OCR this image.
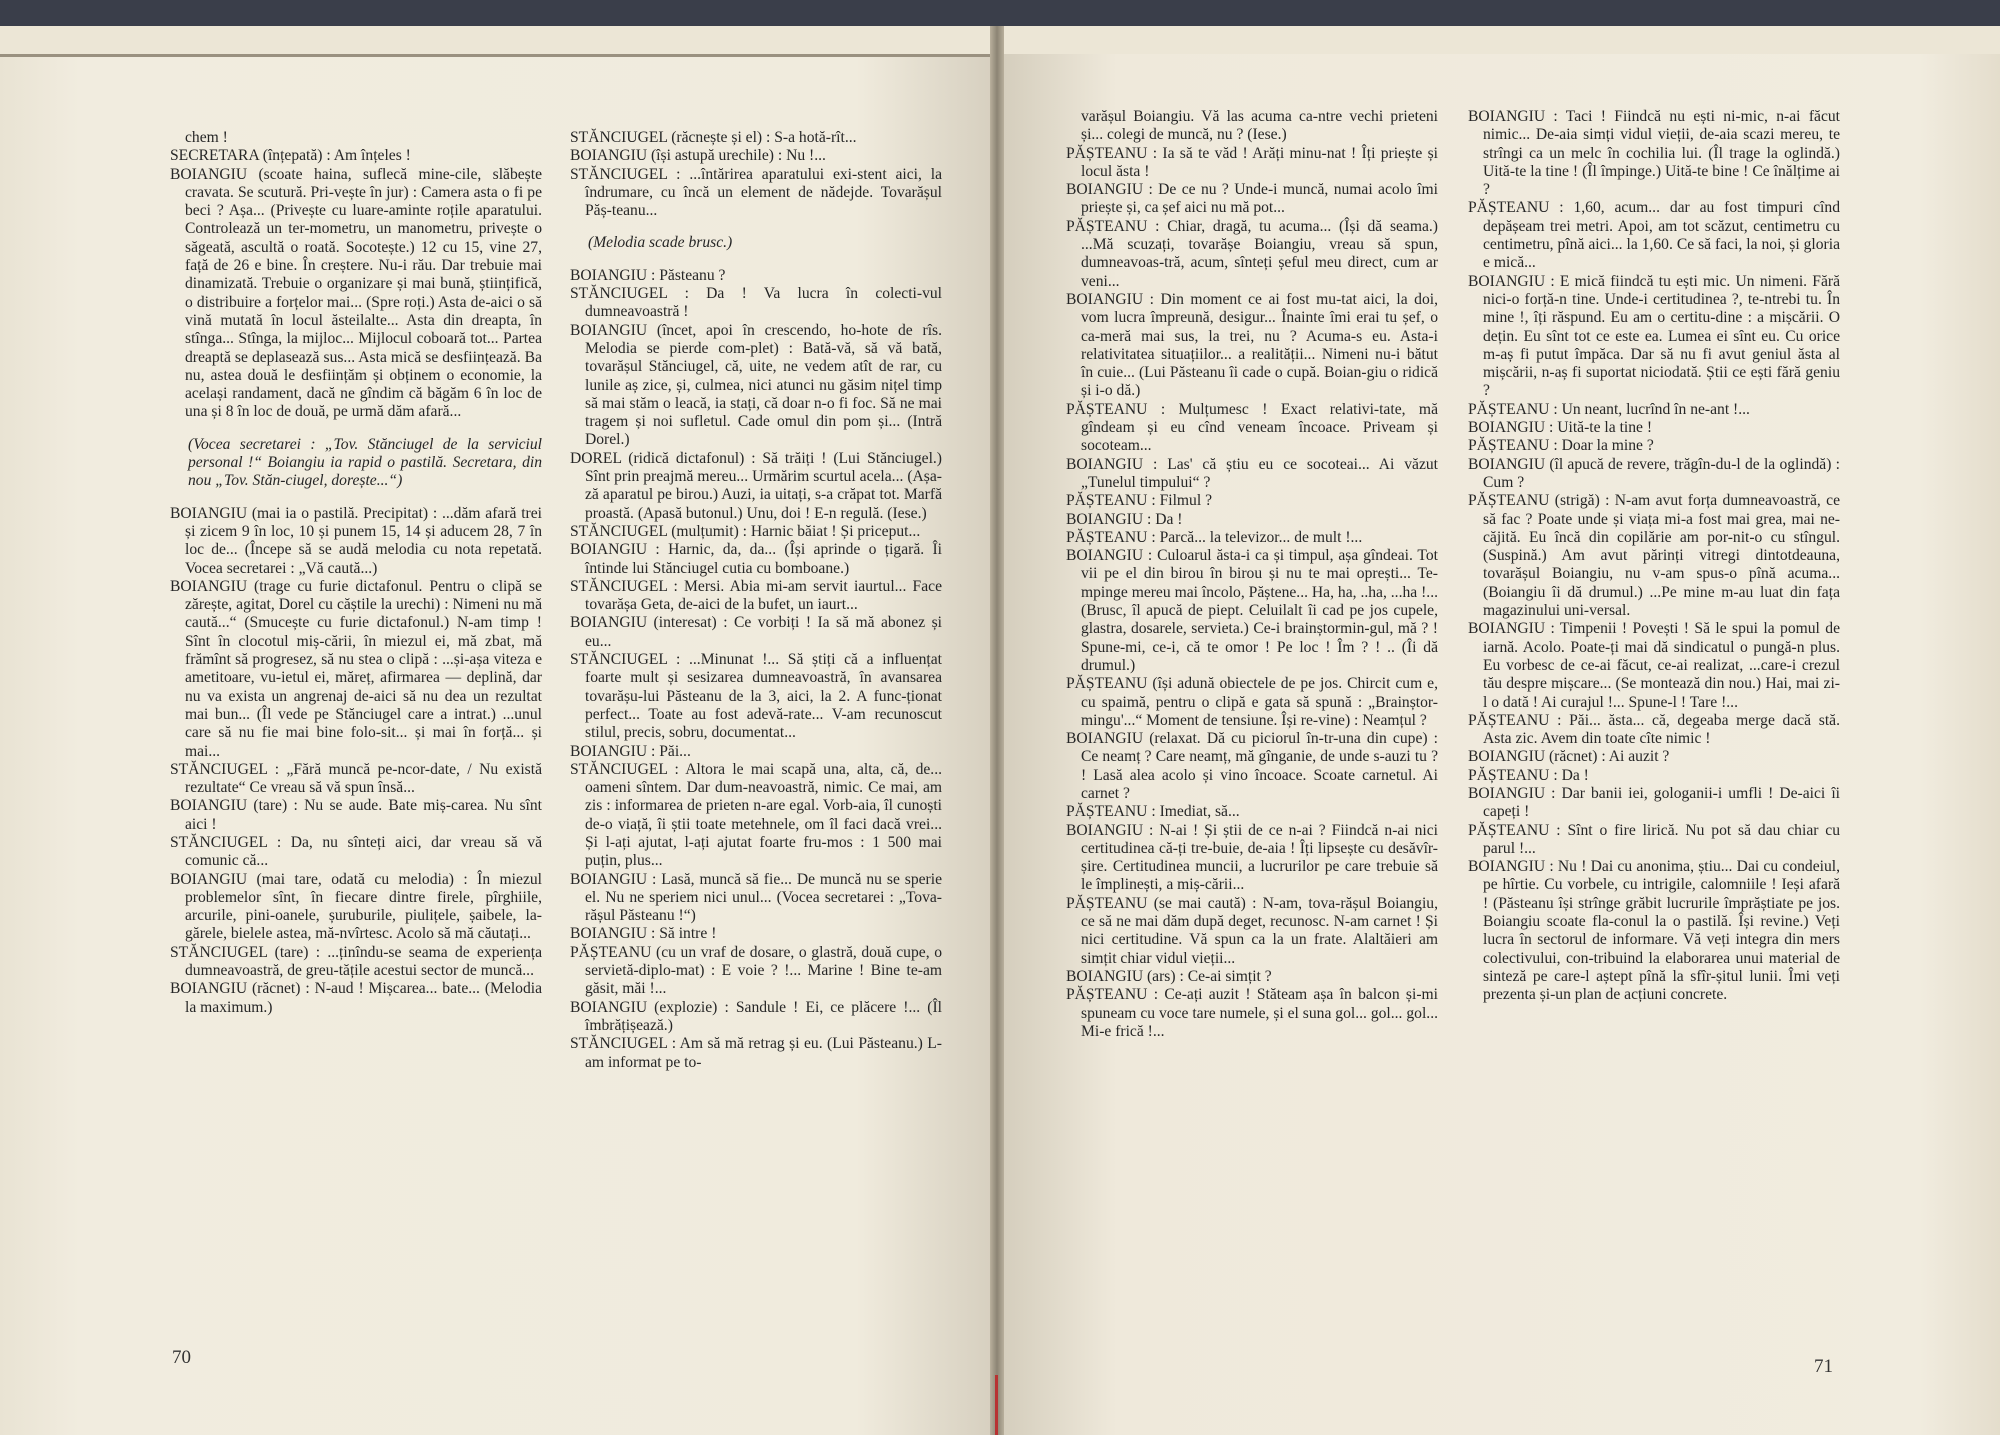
chem !

SECRETARA (înțepată) : Am înțeles !

BOIANGIU (scoate haina, suflecă mine-cile, slăbește cravata. Se scutură. Pri-vește în jur) : Camera asta o fi pe beci ? Așa... (Privește cu luare-aminte roțile aparatului. Controlează un ter-mometru, un manometru, privește o săgeată, ascultă o roată. Socotește.) 12 cu 15, vine 27, față de 26 e bine. În creștere. Nu-i rău. Dar trebuie mai dinamizată. Trebuie o organizare și mai bună, științifică, o distribuire a forțelor mai... (Spre roți.) Asta de-aici o să vină mutată în locul ăsteilalte... Asta din dreapta, în stînga... Stînga, la mijloc... Mijlocul coboară tot... Partea dreaptă se deplasează sus... Asta mică se desființează. Ba nu, astea două le desființăm și obținem o economie, la același randament, dacă ne gîndim că băgăm 6 în loc de una și 8 în loc de două, pe urmă dăm afară...

(Vocea secretarei : „Tov. Stănciugel de la serviciul personal !“ Boiangiu ia rapid o pastilă. Secretara, din nou „Tov. Stăn-ciugel, dorește...“)

BOIANGIU (mai ia o pastilă. Precipitat) : ...dăm afară trei și zicem 9 în loc, 10 și punem 15, 14 și aducem 28, 7 în loc de... (Începe să se audă melodia cu nota repetată. Vocea secretarei : „Vă caută...)

BOIANGIU (trage cu furie dictafonul. Pentru o clipă se zărește, agitat, Dorel cu căștile la urechi) : Nimeni nu mă caută...“ (Smucește cu furie dictafonul.) N-am timp ! Sînt în clocotul miș-cării, în miezul ei, mă zbat, mă frămînt să progresez, să nu stea o clipă : ...și-așa viteza e ametitoare, vu-ietul ei, măreț, afirmarea — deplină, dar nu va exista un angrenaj de-aici să nu dea un rezultat mai bun... (Îl vede pe Stănciugel care a intrat.) ...unul care să nu fie mai bine folo-sit... și mai în forță... și mai...

STĂNCIUGEL : „Fără muncă pe-ncor-date, / Nu există rezultate“ Ce vreau să vă spun însă...

BOIANGIU (tare) : Nu se aude. Bate miș-carea. Nu sînt aici !

STĂNCIUGEL : Da, nu sînteți aici, dar vreau să vă comunic că...

BOIANGIU (mai tare, odată cu melodia) : În miezul problemelor sînt, în fiecare dintre firele, pîrghiile, arcurile, pini-oanele, șuruburile, piulițele, șaibele, la-gărele, bielele astea, mă-nvîrtesc. Acolo să mă căutați...

STĂNCIUGEL (tare) : ...ținîndu-se seama de experiența dumneavoastră, de greu-tățile acestui sector de muncă...

BOIANGIU (răcnet) : N-aud ! Mișcarea... bate... (Melodia la maximum.)

STĂNCIUGEL (răcnește și el) : S-a hotă-rît...

BOIANGIU (își astupă urechile) : Nu !...

STĂNCIUGEL : ...întărirea aparatului exi-stent aici, la îndrumare, cu încă un element de nădejde. Tovarășul Păș-teanu...

(Melodia scade brusc.)

BOIANGIU : Păsteanu ?

STĂNCIUGEL : Da ! Va lucra în colecti-vul dumneavoastră !

BOIANGIU (încet, apoi în crescendo, ho-hote de rîs. Melodia se pierde com-plet) : Bată-vă, să vă bată, tovarășul Stănciugel, că, uite, ne vedem atît de rar, cu lunile aș zice, și, culmea, nici atunci nu găsim nițel timp să mai stăm o leacă, ia stați, că doar n-o fi foc. Să ne mai tragem și noi sufletul. Cade omul din pom și... (Intră Dorel.)

DOREL (ridică dictafonul) : Să trăiți ! (Lui Stănciugel.) Sînt prin preajmă mereu... Urmărim scurtul acela... (Așa-ză aparatul pe birou.) Auzi, ia uitați, s-a crăpat tot. Marfă proastă. (Apasă butonul.) Unu, doi ! E-n regulă. (Iese.)

STĂNCIUGEL (mulțumit) : Harnic băiat ! Și priceput...

BOIANGIU : Harnic, da, da... (Își aprinde o țigară. Îi întinde lui Stănciugel cutia cu bomboane.)

STĂNCIUGEL : Mersi. Abia mi-am servit iaurtul... Face tovarășa Geta, de-aici de la bufet, un iaurt...

BOIANGIU (interesat) : Ce vorbiți ! Ia să mă abonez și eu...

STĂNCIUGEL : ...Minunat !... Să știți că a influențat foarte mult și sesizarea dumneavoastră, în avansarea tovarășu-lui Păsteanu de la 3, aici, la 2. A func-ționat perfect... Toate au fost adevă-rate... V-am recunoscut stilul, precis, sobru, documentat...

BOIANGIU : Păi...

STĂNCIUGEL : Altora le mai scapă una, alta, că, de... oameni sîntem. Dar dum-neavoastră, nimic. Ce mai, am zis : informarea de prieten n-are egal. Vorb-aia, îl cunoști de-o viață, îi știi toate metehnele, om îl faci dacă vrei... Și l-ați ajutat, l-ați ajutat foarte fru-mos : 1 500 mai puțin, plus...

BOIANGIU : Lasă, muncă să fie... De muncă nu se sperie el. Nu ne speriem nici unul... (Vocea secretarei : „Tova-rășul Păsteanu !“)

BOIANGIU : Să intre !

PĂȘTEANU (cu un vraf de dosare, o glastră, două cupe, o servietă-diplo-mat) : E voie ? !... Marine ! Bine te-am găsit, măi !...

BOIANGIU (explozie) : Sandule ! Ei, ce plăcere !... (Îl îmbrățișează.)

STĂNCIUGEL : Am să mă retrag și eu. (Lui Păsteanu.) L-am informat pe to-

70

varășul Boiangiu. Vă las acuma ca-ntre vechi prieteni și... colegi de muncă, nu ? (Iese.)

PĂȘTEANU : Ia să te văd ! Arăți minu-nat ! Îți priește și locul ăsta !

BOIANGIU : De ce nu ? Unde-i muncă, numai acolo îmi priește și, ca șef aici nu mă pot...

PĂȘTEANU : Chiar, dragă, tu acuma... (Își dă seama.) ...Mă scuzați, tovarășe Boiangiu, vreau să spun, dumneavoas-tră, acum, sînteți șeful meu direct, cum ar veni...

BOIANGIU : Din moment ce ai fost mu-tat aici, la doi, vom lucra împreună, desigur... Înainte îmi erai tu șef, o ca-meră mai sus, la trei, nu ? Acuma-s eu. Asta-i relativitatea situațiilor... a realității... Nimeni nu-i bătut în cuie... (Lui Păsteanu îi cade o cupă. Boian-giu o ridică și i-o dă.)

PĂȘTEANU : Mulțumesc ! Exact relativi-tate, mă gîndeam și eu cînd veneam încoace. Priveam și socoteam...

BOIANGIU : Las' că știu eu ce socoteai... Ai văzut „Tunelul timpului“ ?

PĂȘTEANU : Filmul ?

BOIANGIU : Da !

PĂȘTEANU : Parcă... la televizor... de mult !...

BOIANGIU : Culoarul ăsta-i ca și timpul, așa gîndeai. Tot vii pe el din birou în birou și nu te mai oprești... Te-mpinge mereu mai încolo, Păștene... Ha, ha, ..ha, ...ha !... (Brusc, îl apucă de piept. Celuilalt îi cad pe jos cupele, glastra, dosarele, servieta.) Ce-i brainștormin-gul, mă ? ! Spune-mi, ce-i, că te omor ! Pe loc ! Îm ? ! .. (Îi dă drumul.)

PĂȘTEANU (își adună obiectele de pe jos. Chircit cum e, cu spaimă, pentru o clipă e gata să spună : „Brainștor-mingu'...“ Moment de tensiune. Își re-vine) : Neamțul ?

BOIANGIU (relaxat. Dă cu piciorul în-tr-una din cupe) : Ce neamț ? Care neamț, mă gînganie, de unde s-auzi tu ? ! Lasă alea acolo și vino încoace. Scoate carnetul. Ai carnet ?

PĂȘTEANU : Imediat, să...

BOIANGIU : N-ai ! Și știi de ce n-ai ? Fiindcă n-ai nici certitudinea că-ți tre-buie, de-aia ! Îți lipsește cu desăvîr-șire. Certitudinea muncii, a lucrurilor pe care trebuie să le împlinești, a miș-cării...

PĂȘTEANU (se mai caută) : N-am, tova-rășul Boiangiu, ce să ne mai dăm după deget, recunosc. N-am carnet ! Și nici certitudine. Vă spun ca la un frate. Alaltăieri am simțit chiar vidul vieții...

BOIANGIU (ars) : Ce-ai simțit ?

PĂȘTEANU : Ce-ați auzit ! Stăteam așa în balcon și-mi spuneam cu voce tare numele, și el suna gol... gol... gol... Mi-e frică !...

BOIANGIU : Taci ! Fiindcă nu ești ni-mic, n-ai făcut nimic... De-aia simți vidul vieții, de-aia scazi mereu, te strîngi ca un melc în cochilia lui. (Îl trage la oglindă.) Uită-te la tine ! (Îl împinge.) Uită-te bine ! Ce înălțime ai ?

PĂȘTEANU : 1,60, acum... dar au fost timpuri cînd depășeam trei metri. Apoi, am tot scăzut, centimetru cu centimetru, pînă aici... la 1,60. Ce să faci, la noi, și gloria e mică...

BOIANGIU : E mică fiindcă tu ești mic. Un nimeni. Fără nici-o forță-n tine. Unde-i certitudinea ?, te-ntrebi tu. În mine !, îți răspund. Eu am o certitu-dine : a mișcării. O dețin. Eu sînt tot ce este ea. Lumea ei sînt eu. Cu orice m-aș fi putut împăca. Dar să nu fi avut geniul ăsta al mișcării, n-aș fi suportat niciodată. Știi ce ești fără geniu ?

PĂȘTEANU : Un neant, lucrînd în ne-ant !...

BOIANGIU : Uită-te la tine !

PĂȘTEANU : Doar la mine ?

BOIANGIU (îl apucă de revere, trăgîn-du-l de la oglindă) : Cum ?

PĂȘTEANU (strigă) : N-am avut forța dumneavoastră, ce să fac ? Poate unde și viața mi-a fost mai grea, mai ne-căjită. Eu încă din copilărie am por-nit-o cu stîngul. (Suspină.) Am avut părinți vitregi dintotdeauna, tovarășul Boiangiu, nu v-am spus-o pînă acuma... (Boiangiu îi dă drumul.) ...Pe mine m-au luat din fața magazinului uni-versal.

BOIANGIU : Timpenii ! Povești ! Să le spui la pomul de iarnă. Acolo. Poate-ți mai dă sindicatul o pungă-n plus. Eu vorbesc de ce-ai făcut, ce-ai realizat, ...care-i crezul tău despre mișcare... (Se montează din nou.) Hai, mai zi-l o dată ! Ai curajul !... Spune-l ! Tare !...

PĂȘTEANU : Păi... ăsta... că, degeaba merge dacă stă. Asta zic. Avem din toate cîte nimic !

BOIANGIU (răcnet) : Ai auzit ?

PĂȘTEANU : Da !

BOIANGIU : Dar banii iei, gologanii-i umfli ! De-aici îi capeți !

PĂȘTEANU : Sînt o fire lirică. Nu pot să dau chiar cu parul !...

BOIANGIU : Nu ! Dai cu anonima, știu... Dai cu condeiul, pe hîrtie. Cu vorbele, cu intrigile, calomniile ! Ieși afară ! (Păsteanu își strînge grăbit lucrurile împrăștiate pe jos. Boiangiu scoate fla-conul la o pastilă. Își revine.) Veți lucra în sectorul de informare. Vă veți integra din mers colectivului, con-tribuind la elaborarea unui material de sinteză pe care-l aștept pînă la sfîr-șitul lunii. Îmi veți prezenta și-un plan de acțiuni concrete.

71
